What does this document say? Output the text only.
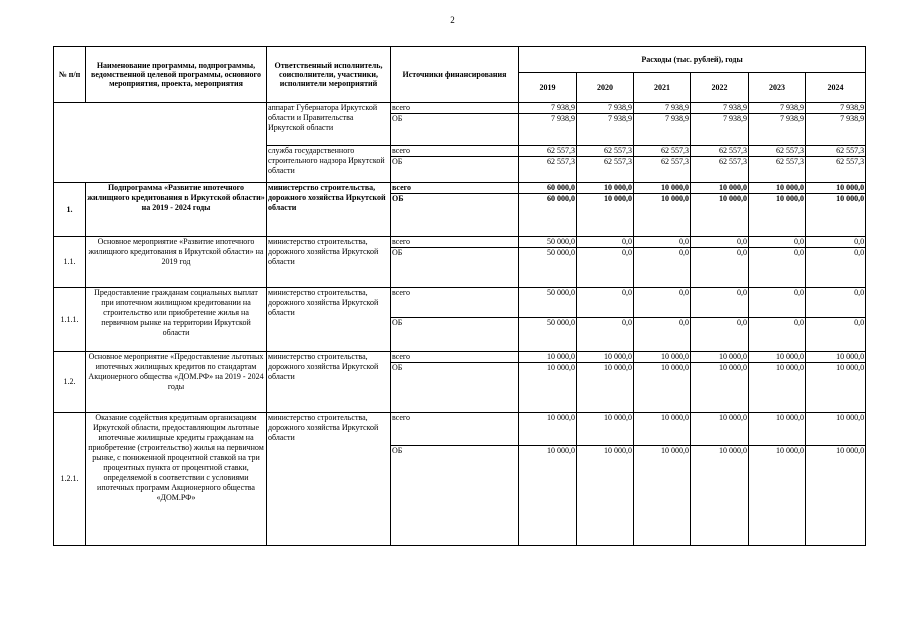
2
№ п/п	Наименование программы, подпрограммы, ведомственной целевой программы, основного мероприятия, проекта, мероприятия	Ответственный исполнитель, соисполнители, участники, исполнители мероприятий	Источники финансирования	Расходы (тыс. рублей), годы					
				2019	2020	2021	2022	2023	2024
		аппарат Губернатора Иркутской области и Правительства Иркутской области	всего	7 938,9	7 938,9	7 938,9	7 938,9	7 938,9	7 938,9
			ОБ	7 938,9	7 938,9	7 938,9	7 938,9	7 938,9	7 938,9
		служба государственного строительного надзора Иркутской области	всего	62 557,3	62 557,3	62 557,3	62 557,3	62 557,3	62 557,3
			ОБ	62 557,3	62 557,3	62 557,3	62 557,3	62 557,3	62 557,3
1.	Подпрограмма «Развитие ипотечного жилищного кредитования в Иркутской области» на 2019 - 2024 годы	министерство строительства, дорожного хозяйства Иркутской области	всего	60 000,0	10 000,0	10 000,0	10 000,0	10 000,0	10 000,0
			ОБ	60 000,0	10 000,0	10 000,0	10 000,0	10 000,0	10 000,0
1.1.	Основное мероприятие «Развитие ипотечного жилищного кредитования в Иркутской области» на 2019 год	министерство строительства, дорожного хозяйства Иркутской области	всего	50 000,0	0,0	0,0	0,0	0,0	0,0
			ОБ	50 000,0	0,0	0,0	0,0	0,0	0,0
1.1.1.	Предоставление гражданам социальных выплат при ипотечном жилищном кредитовании на строительство или приобретение жилья на первичном рынке на территории Иркутской области	министерство строительства, дорожного хозяйства Иркутской области	всего	50 000,0	0,0	0,0	0,0	0,0	0,0
			ОБ	50 000,0	0,0	0,0	0,0	0,0	0,0
1.2.	Основное мероприятие «Предоставление льготных ипотечных жилищных кредитов по стандартам Акционерного общества «ДОМ.РФ» на 2019 - 2024 годы	министерство строительства, дорожного хозяйства Иркутской области	всего	10 000,0	10 000,0	10 000,0	10 000,0	10 000,0	10 000,0
			ОБ	10 000,0	10 000,0	10 000,0	10 000,0	10 000,0	10 000,0
1.2.1.	Оказание содействия кредитным организациям Иркутской области, предоставляющим льготные ипотечные жилищные кредиты гражданам на приобретение (строительство) жилья на первичном рынке, с пониженной процентной ставкой на три процентных пункта от процентной ставки, определяемой в соответствии с условиями ипотечных программ Акционерного общества «ДОМ.РФ»	министерство строительства, дорожного хозяйства Иркутской области	всего	10 000,0	10 000,0	10 000,0	10 000,0	10 000,0	10 000,0
			ОБ	10 000,0	10 000,0	10 000,0	10 000,0	10 000,0	10 000,0
